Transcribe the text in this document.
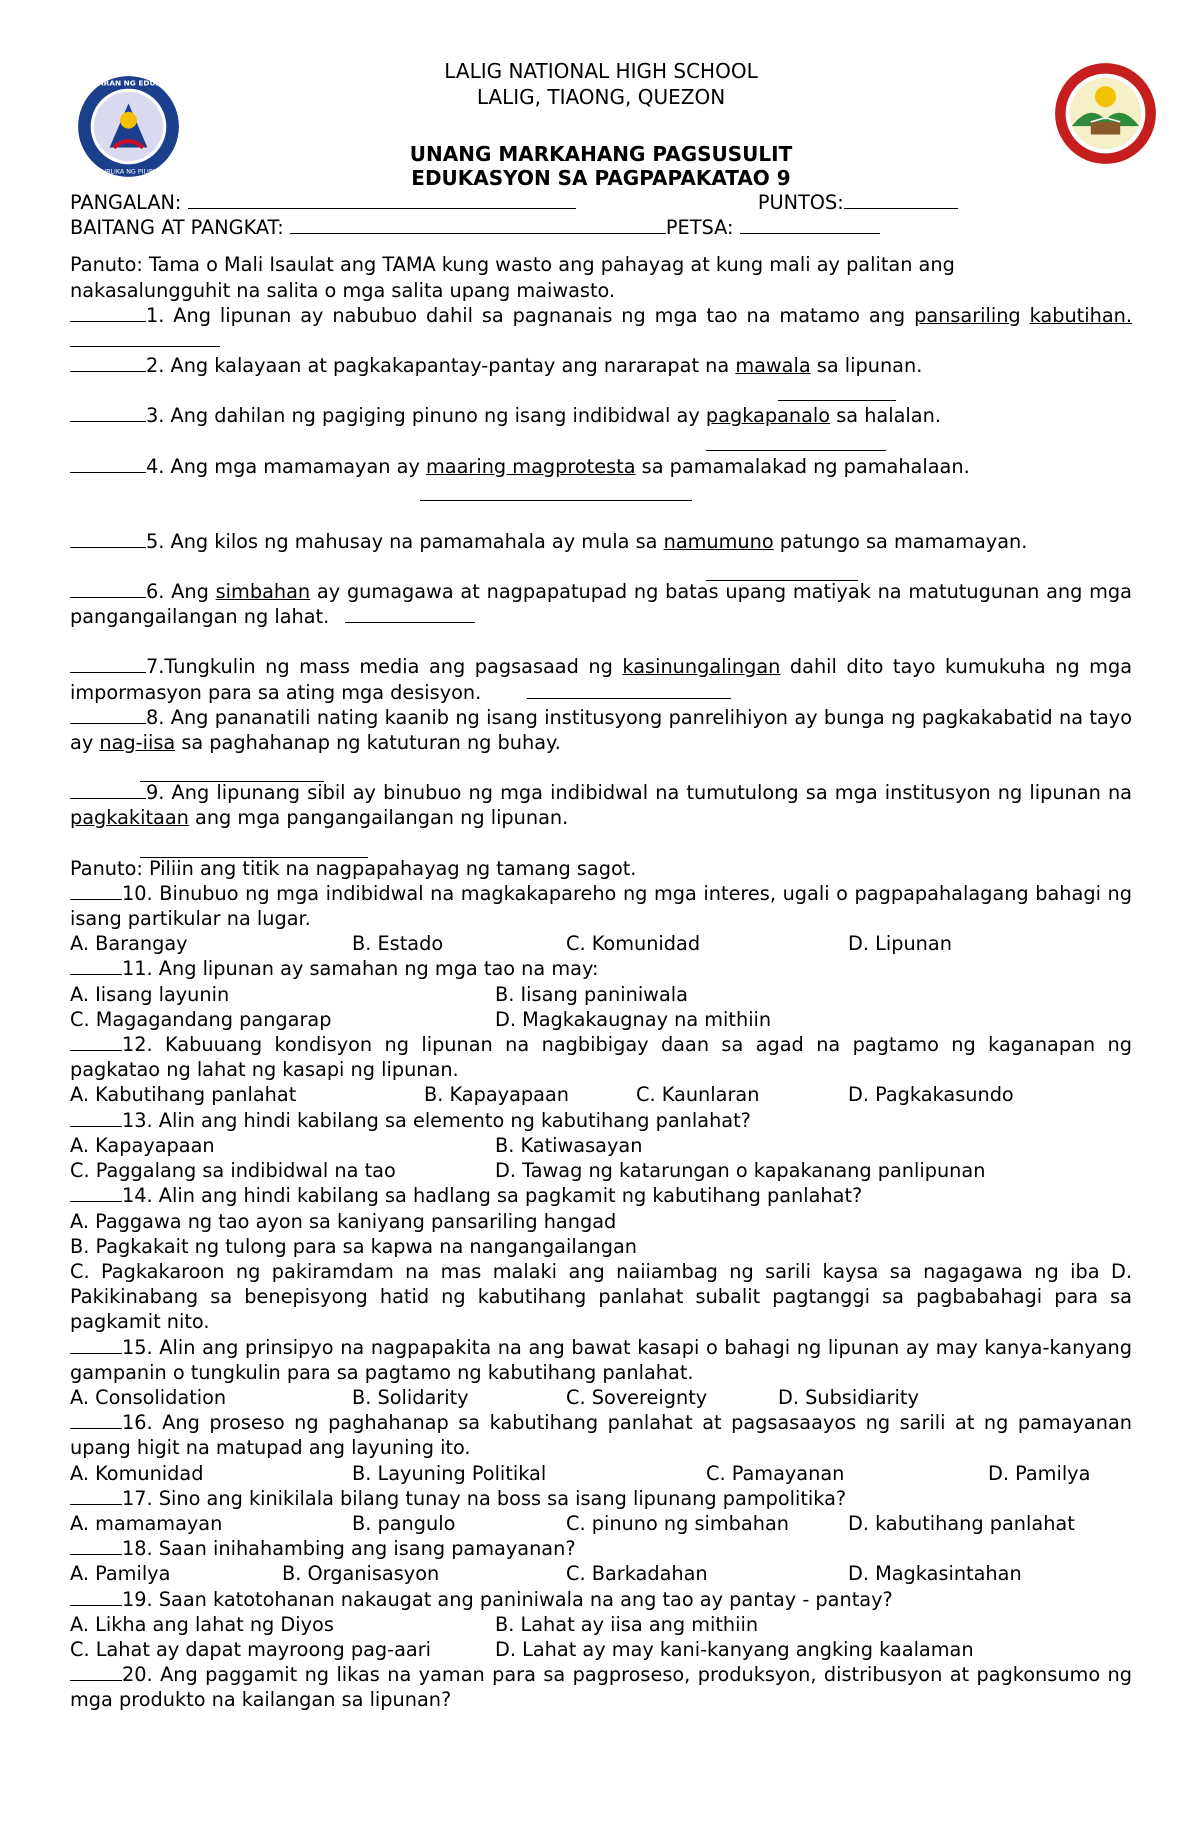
KAGAWARAN NG EDUKASYON
REPUBLIKA NG PILIPINAS
LALIG NATIONAL HIGH SCHOOL
LALIG, TIAONG, QUEZON
UNANG MARKAHANG PAGSUSULIT
EDUKASYON SA PAGPAPAKATAO 9
PANGALAN:	PUNTOS:
BAITANG AT PANGKAT:	PETSA:
Panuto: Tama o Mali Isaulat ang TAMA kung wasto ang pahayag at kung mali ay palitan ang
nakasalungguhit na salita o mga salita upang maiwasto.
1. Ang lipunan ay nabubuo dahil sa pagnanais ng mga tao na matamo ang pansariling kabutihan.
2. Ang kalayaan at pagkakapantay-pantay ang nararapat na mawala sa lipunan.
3. Ang dahilan ng pagiging pinuno ng isang indibidwal ay pagkapanalo sa halalan.
4. Ang mga mamamayan ay maaring magprotesta sa pamamalakad ng pamahalaan.
5. Ang kilos ng mahusay na pamamahala ay mula sa namumuno patungo sa mamamayan.
6. Ang simbahan ay gumagawa at nagpapatupad ng batas upang matiyak na matutugunan ang mga pangangailangan ng lahat.
7.Tungkulin ng mass media ang pagsasaad ng kasinungalingan dahil dito tayo kumukuha ng mga impormasyon para sa ating mga desisyon.
8. Ang pananatili nating kaanib ng isang institusyong panrelihiyon ay bunga ng pagkakabatid na tayo ay nag-iisa sa paghahanap ng katuturan ng buhay.
9. Ang lipunang sibil ay binubuo ng mga indibidwal na tumutulong sa mga institusyon ng lipunan na pagkakitaan ang mga pangangailangan ng lipunan.
Panuto: Piliin ang titik na nagpapahayag ng tamang sagot.
10. Binubuo ng mga indibidwal na magkakapareho ng mga interes, ugali o pagpapahalagang bahagi ng isang partikular na lugar.
A. Barangay	B. Estado	C. Komunidad	D. Lipunan
11. Ang lipunan ay samahan ng mga tao na may:
A. Iisang layunin	B. Iisang paniniwala
C. Magagandang pangarap	D. Magkakaugnay na mithiin
12. Kabuuang kondisyon ng lipunan na nagbibigay daan sa agad na pagtamo ng kaganapan ng pagkatao ng lahat ng kasapi ng lipunan.
A. Kabutihang panlahat	B. Kapayapaan	C. Kaunlaran	D. Pagkakasundo
13. Alin ang hindi kabilang sa elemento ng kabutihang panlahat?
A. Kapayapaan	B. Katiwasayan
C. Paggalang sa indibidwal na tao	D. Tawag ng katarungan o kapakanang panlipunan
14. Alin ang hindi kabilang sa hadlang sa pagkamit ng kabutihang panlahat?
A. Paggawa ng tao ayon sa kaniyang pansariling hangad
B. Pagkakait ng tulong para sa kapwa na nangangailangan
C. Pagkakaroon ng pakiramdam na mas malaki ang naiiambag ng sarili kaysa sa nagagawa ng iba D. Pakikinabang sa benepisyong hatid ng kabutihang panlahat subalit pagtanggi sa pagbabahagi para sa pagkamit nito.
15. Alin ang prinsipyo na nagpapakita na ang bawat kasapi o bahagi ng lipunan ay may kanya-kanyang gampanin o tungkulin para sa pagtamo ng kabutihang panlahat.
A. Consolidation	B. Solidarity	C. Sovereignty	D. Subsidiarity
16. Ang proseso ng paghahanap sa kabutihang panlahat at pagsasaayos ng sarili at ng pamayanan upang higit na matupad ang layuning ito.
A. Komunidad	B. Layuning Politikal	C. Pamayanan	D. Pamilya
17. Sino ang kinikilala bilang tunay na boss sa isang lipunang pampolitika?
A. mamamayan	B. pangulo	C. pinuno ng simbahan	D. kabutihang panlahat
18. Saan inihahambing ang isang pamayanan?
A. Pamilya	B. Organisasyon	C. Barkadahan	D. Magkasintahan
19. Saan katotohanan nakaugat ang paniniwala na ang tao ay pantay - pantay?
A. Likha ang lahat ng Diyos	B. Lahat ay iisa ang mithiin
C. Lahat ay dapat mayroong pag-aari	D. Lahat ay may kani-kanyang angking kaalaman
20. Ang paggamit ng likas na yaman para sa pagproseso, produksyon, distribusyon at pagkonsumo ng mga produkto na kailangan sa lipunan?
